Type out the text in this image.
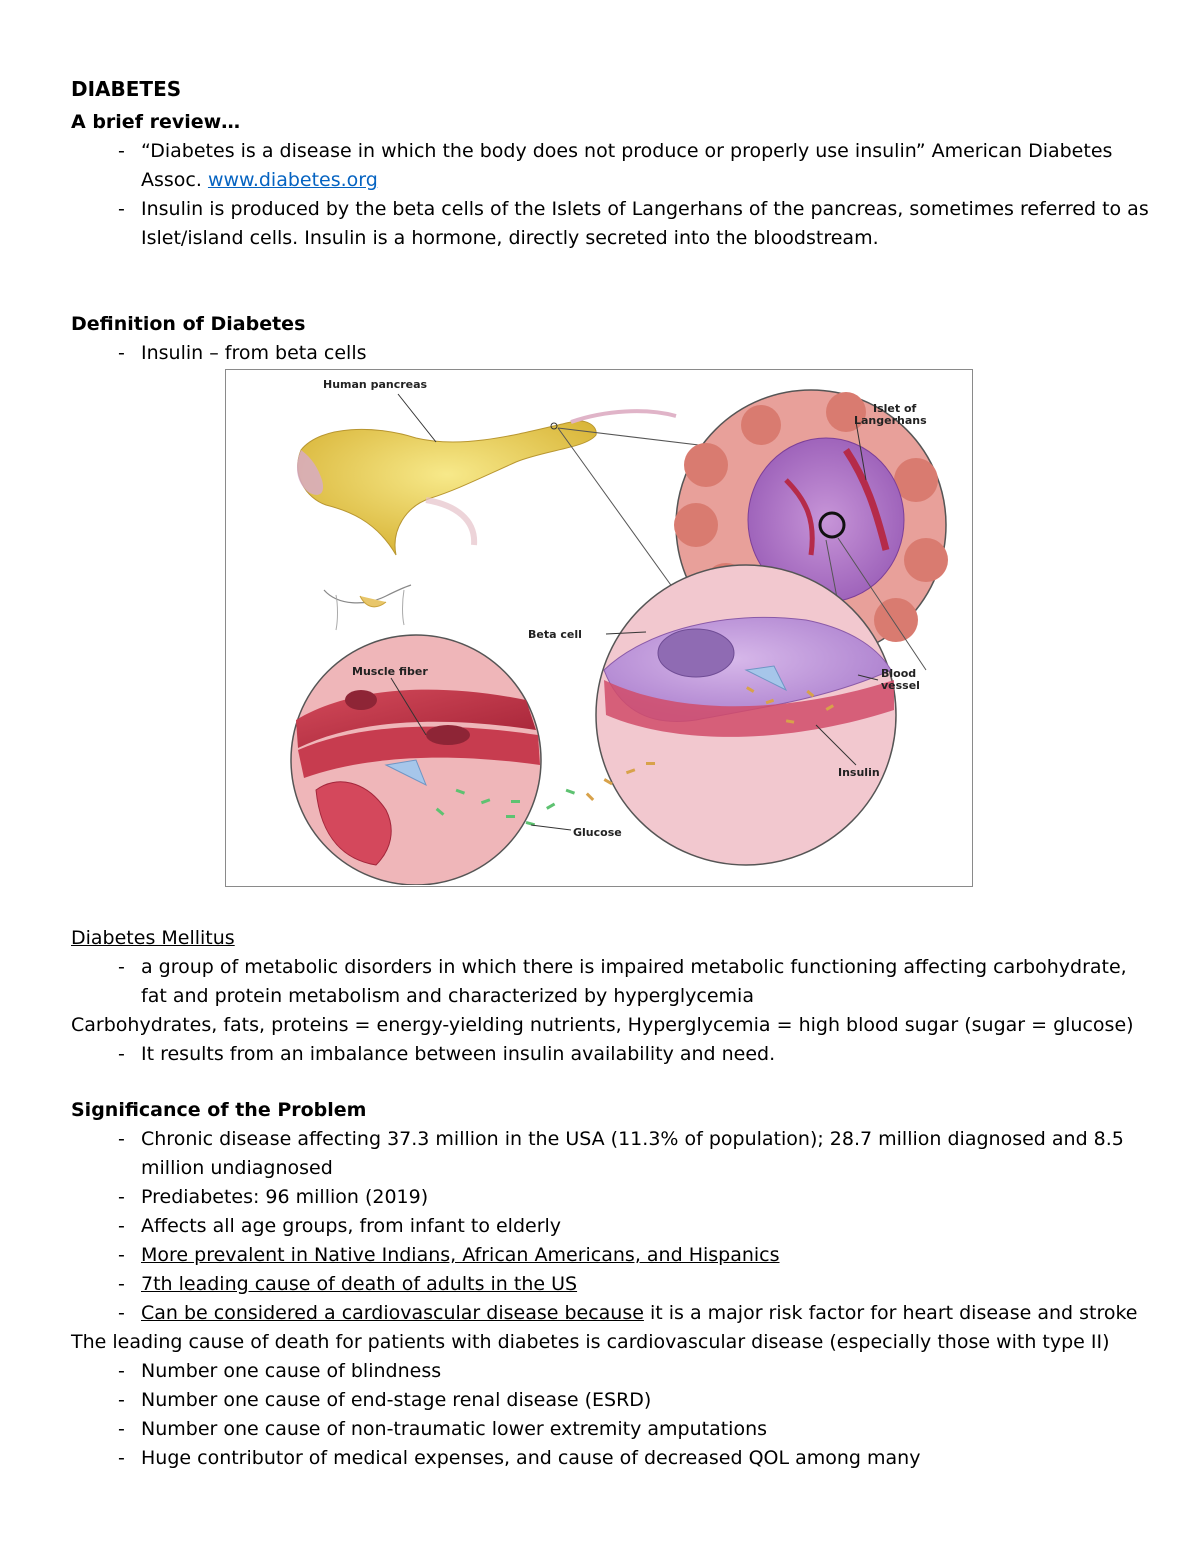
DIABETES
A brief review…
- “Diabetes is a disease in which the body does not produce or properly use insulin” American Diabetes Assoc. www.diabetes.org
- Insulin is produced by the beta cells of the Islets of Langerhans of the pancreas, sometimes referred to as Islet/island cells. Insulin is a hormone, directly secreted into the bloodstream.
Definition of Diabetes
- Insulin – from beta cells
Human pancreas
Islet of
Langerhans
Beta cell
Blood
vessel
Insulin
Muscle fiber
Glucose
Diabetes Mellitus
- a group of metabolic disorders in which there is impaired metabolic functioning affecting carbohydrate, fat and protein metabolism and characterized by hyperglycemia

Carbohydrates, fats, proteins = energy-yielding nutrients, Hyperglycemia = high blood sugar (sugar = glucose)

- It results from an imbalance between insulin availability and need.
Significance of the Problem
- Chronic disease affecting 37.3 million in the USA (11.3% of population); 28.7 million diagnosed and 8.5 million undiagnosed
- Prediabetes: 96 million (2019)
- Affects all age groups, from infant to elderly
- More prevalent in Native Indians, African Americans, and Hispanics
- 7th leading cause of death of adults in the US
- Can be considered a cardiovascular disease because it is a major risk factor for heart disease and stroke

The leading cause of death for patients with diabetes is cardiovascular disease (especially those with type II)

- Number one cause of blindness
- Number one cause of end-stage renal disease (ESRD)
- Number one cause of non-traumatic lower extremity amputations
- Huge contributor of medical expenses, and cause of decreased QOL among many
